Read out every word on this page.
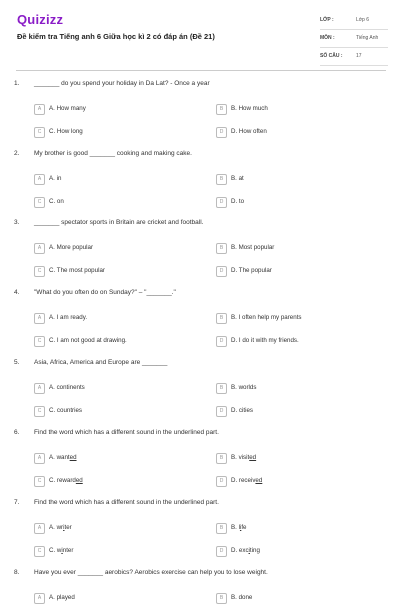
Quizizz
Đề kiểm tra Tiếng anh 6 Giữa học kì 2 có đáp án (Đề 21)
LỚP :	Lớp 6
MÔN :	Tiếng Anh
SỐ CÂU :	17
1. _______ do you spend your holiday in Da Lat? - Once a year
A	A. How many	B	B. How much
C	C. How long	D	D. How often
2. My brother is good _______ cooking and making cake.
A	A. in	B	B. at
C	C. on	D	D. to
3. _______ spectator sports in Britain are cricket and football.
A	A. More popular	B	B. Most popular
C	C. The most popular	D	D. The popular
4. "What do you often do on Sunday?" – "_______."
A	A. I am ready.	B	B. I often help my parents
C	C. I am not good at drawing.	D	D. I do it with my friends.
5. Asia, Africa, America and Europe are _______
A	A. continents	B	B. worlds
C	C. countries	D	D. cities
6. Find the word which has a different sound in the underlined part.
A	A. wanted	B	B. visited
C	C. rewarded	D	D. received
7. Find the word which has a different sound in the underlined part.
A	A. writer	B	B. life
C	C. winter	D	D. exciting
8. Have you ever _______ aerobics? Aerobics exercise can help you to lose weight.
A	A. played	B	B. done
